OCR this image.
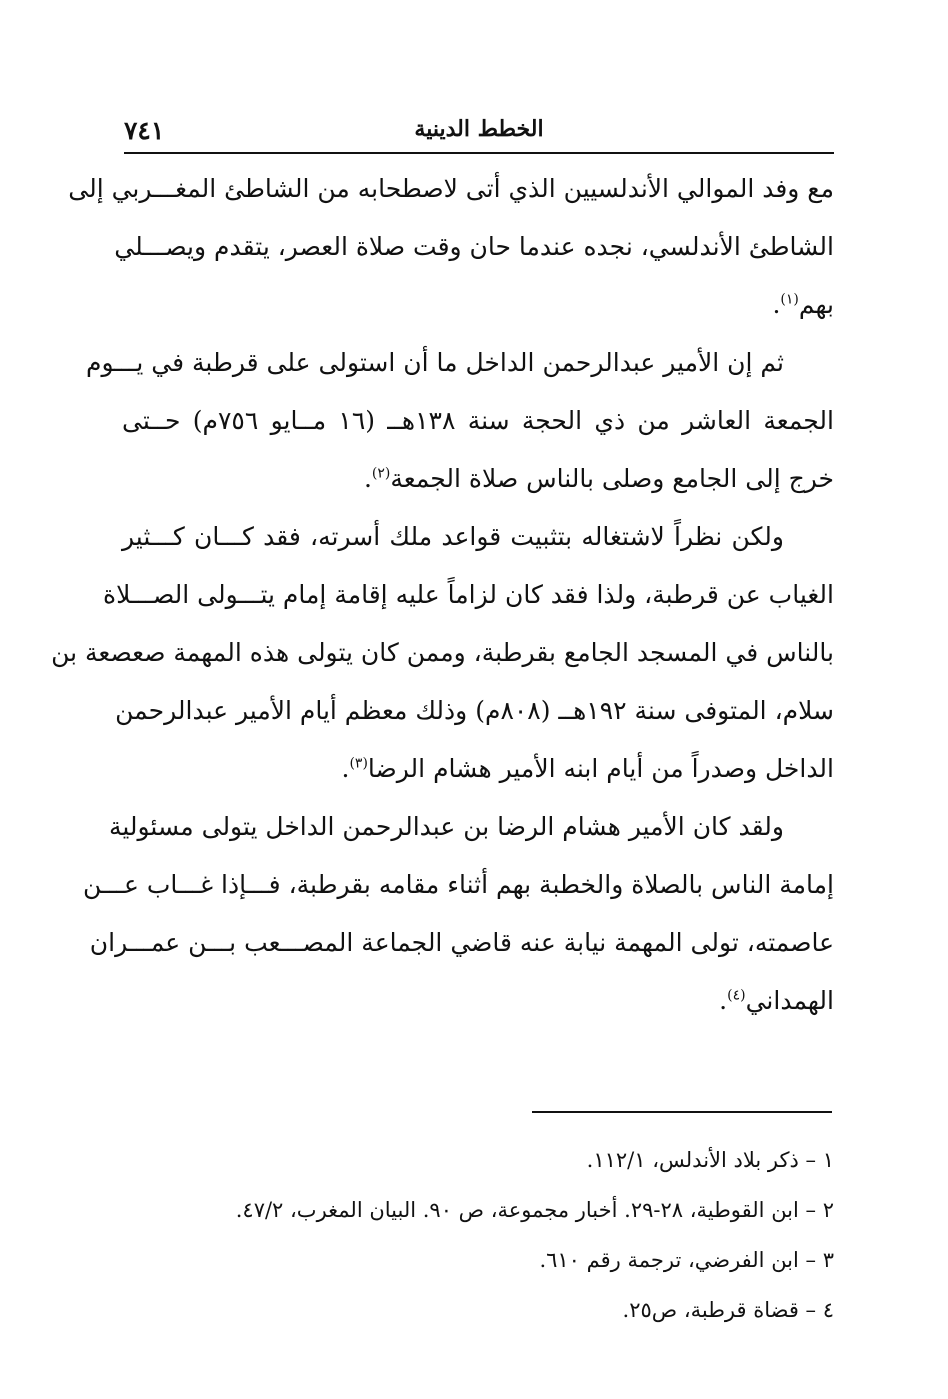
٧٤١	الخطط الدينية

مع وفد الموالي الأندلسيين الذي أتى لاصطحابه من الشاطئ المغـــربي إلى
الشاطئ الأندلسي، نجده عندما حان وقت صلاة العصر، يتقدم ويصـــلي
بهم$^{(١)}$.

ثم إن الأمير عبدالرحمن الداخل ما أن استولى على قرطبة في يـــوم
الجمعة العاشر من ذي الحجة سنة ١٣٨هــ (١٦ مــايو ٧٥٦م) حــتى
خرج إلى الجامع وصلى بالناس صلاة الجمعة$^{(٢)}$.

ولكن نظراً لاشتغاله بتثبيت قواعد ملك أسرته، فقد كـــان كـــثير
الغياب عن قرطبة، ولذا فقد كان لزاماً عليه إقامة إمام يتـــولى الصـــلاة
بالناس في المسجد الجامع بقرطبة، وممن كان يتولى هذه المهمة صعصعة بن
سلام، المتوفى سنة ١٩٢هــ (٨٠٨م) وذلك معظم أيام الأمير عبدالرحمن
الداخل وصدراً من أيام ابنه الأمير هشام الرضا$^{(٣)}$.

ولقد كان الأمير هشام الرضا بن عبدالرحمن الداخل يتولى مسئولية
إمامة الناس بالصلاة والخطبة بهم أثناء مقامه بقرطبة، فـــإذا غـــاب عـــن
عاصمته، تولى المهمة نيابة عنه قاضي الجماعة المصـــعب بـــن عمـــران
الهمداني$^{(٤)}$.

١ – ذكر بلاد الأندلس، ١١٢/١.
٢ – ابن القوطية، ٢٨-٢٩. أخبار مجموعة، ص ٩٠. البيان المغرب، ٤٧/٢.
٣ – ابن الفرضي، ترجمة رقم ٦١٠.
٤ – قضاة قرطبة، ص٢٥.
